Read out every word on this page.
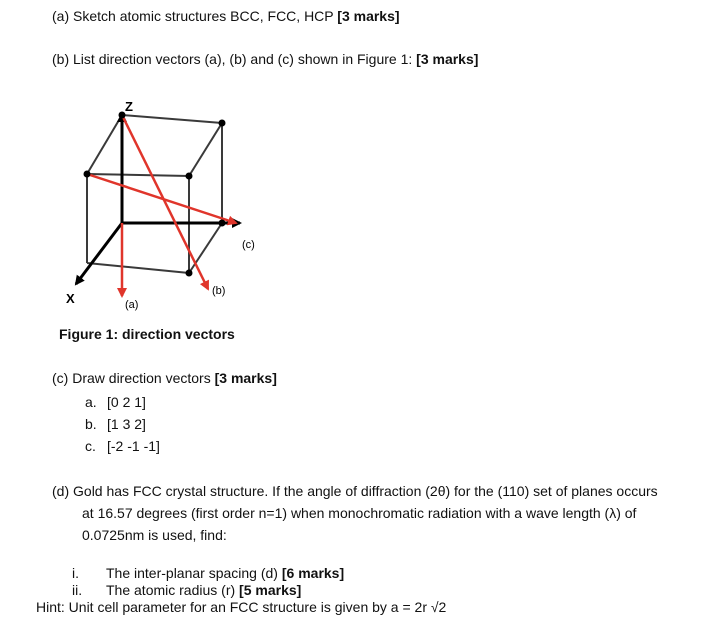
(a) Sketch atomic structures BCC, FCC, HCP [3 marks]
(b) List direction vectors (a), (b) and (c) shown in Figure 1: [3 marks]
Z
X	(a)
(b)
(c)
Figure 1: direction vectors
(c) Draw direction vectors [3 marks]
a. [0 2 1]
b. [1 3 2]
c. [-2 -1 -1]
(d) Gold has FCC crystal structure. If the angle of diffraction (2θ) for the (110) set of planes occurs
at 16.57 degrees (first order n=1) when monochromatic radiation with a wave length (λ) of
0.0725nm is used, find:
i. The inter-planar spacing (d) [6 marks]
ii. The atomic radius (r) [5 marks]
Hint: Unit cell parameter for an FCC structure is given by a = 2r √2
